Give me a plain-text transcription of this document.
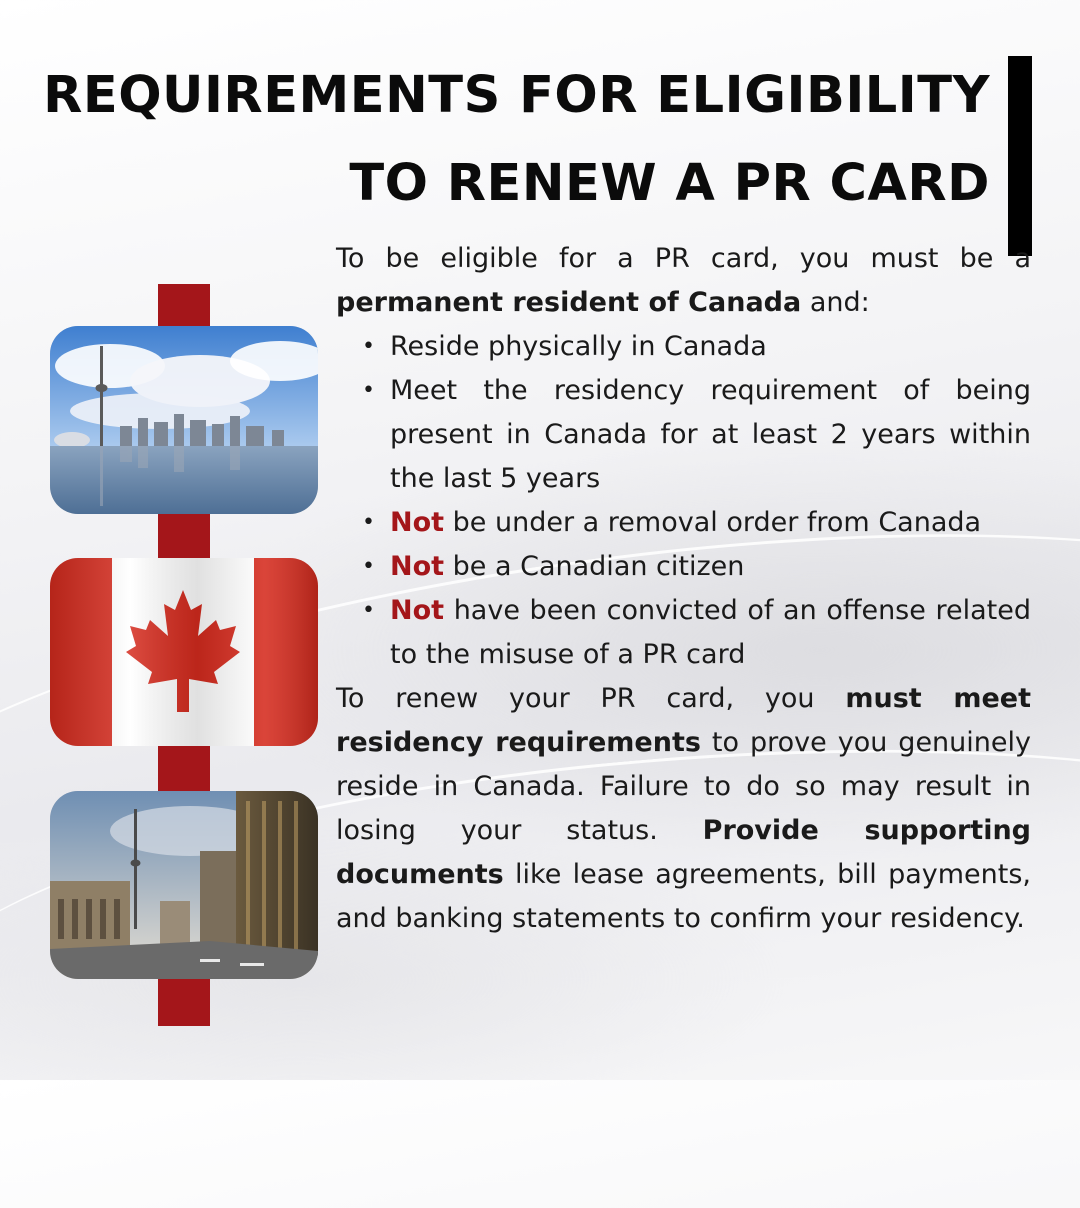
REQUIREMENTS FOR ELIGIBILITY
TO RENEW A PR CARD

To be eligible for a PR card, you must be a permanent resident of Canada and:

• Reside physically in Canada
• Meet the residency requirement of being present in Canada for at least 2 years within the last 5 years
• Not be under a removal order from Canada
• Not be a Canadian citizen
• Not have been convicted of an offense related to the misuse of a PR card

To renew your PR card, you must meet residency requirements to prove you genuinely reside in Canada. Failure to do so may result in losing your status. Provide supporting documents like lease agreements, bill payments, and banking statements to confirm your residency.
